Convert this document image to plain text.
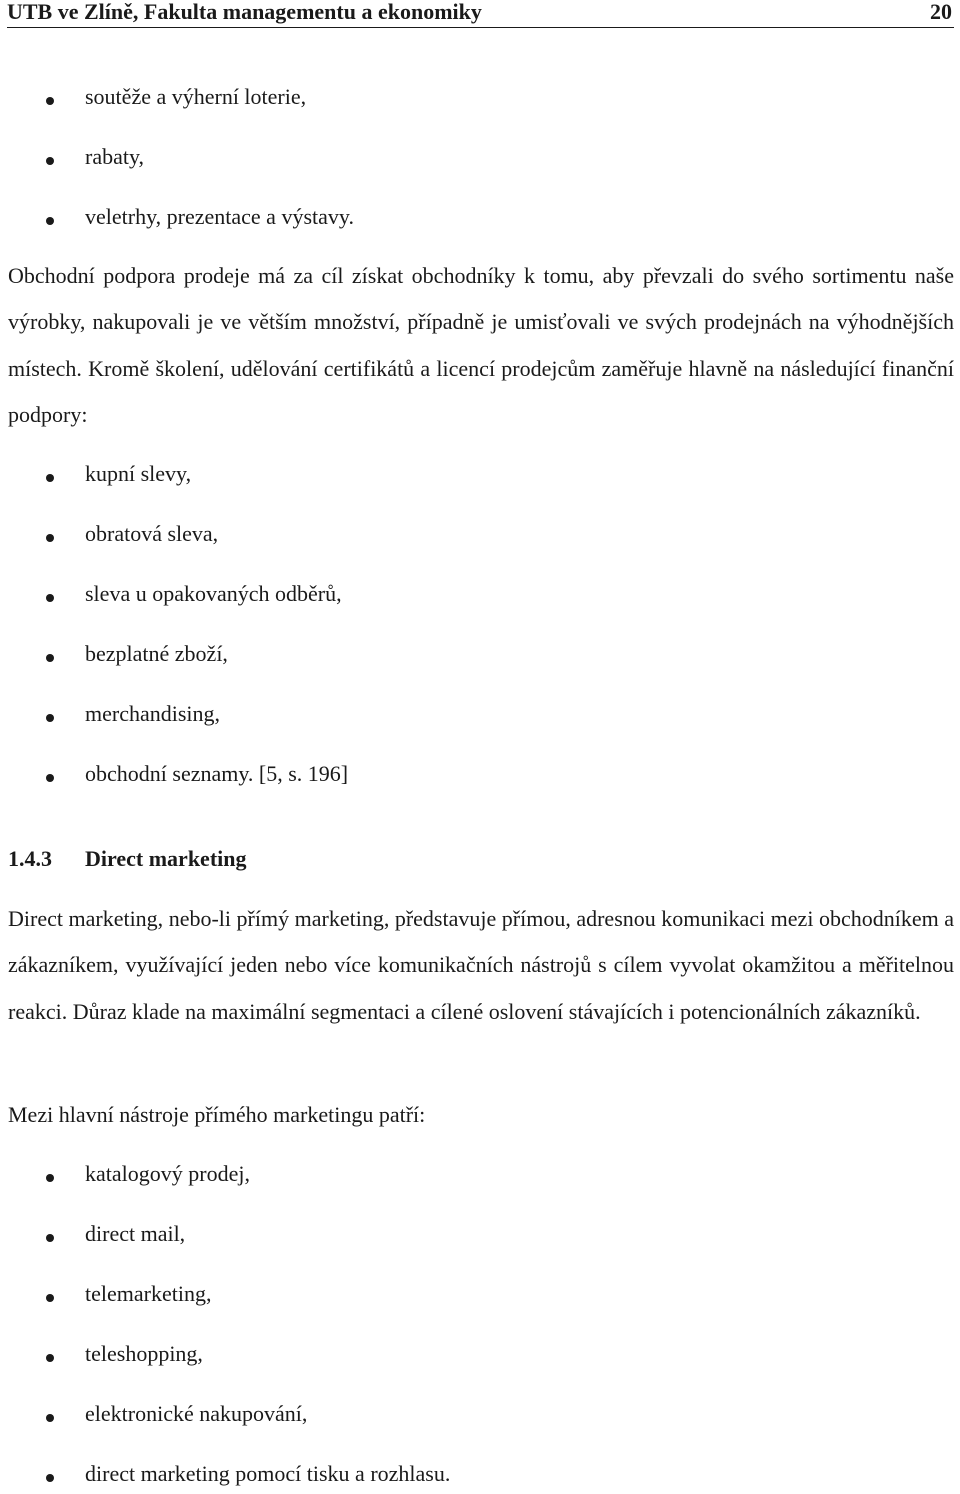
UTB ve Zlíně, Fakulta managementu a ekonomiky	20
soutěže a výherní loterie,
rabaty,
veletrhy, prezentace a výstavy.

Obchodní podpora prodeje má za cíl získat obchodníky k tomu, aby převzali do svého sortimentu naše výrobky, nakupovali je ve větším množství, případně je umisťovali ve svých prodejnách na výhodnějších místech. Kromě školení, udělování certifikátů a licencí prodejcům zaměřuje hlavně na následující finanční podpory:

kupní slevy,
obratová sleva,
sleva u opakovaných odběrů,
bezplatné zboží,
merchandising,
obchodní seznamy. [5, s. 196]
1.4.3 Direct marketing

Direct marketing, nebo-li přímý marketing, představuje přímou, adresnou komunikaci mezi obchodníkem a zákazníkem, využívající jeden nebo více komunikačních nástrojů s cílem vyvolat okamžitou a měřitelnou reakci. Důraz klade na maximální segmentaci a cílené oslovení stávajících i potencionálních zákazníků.

Mezi hlavní nástroje přímého marketingu patří:

katalogový prodej,
direct mail,
telemarketing,
teleshopping,
elektronické nakupování,
direct marketing pomocí tisku a rozhlasu.
